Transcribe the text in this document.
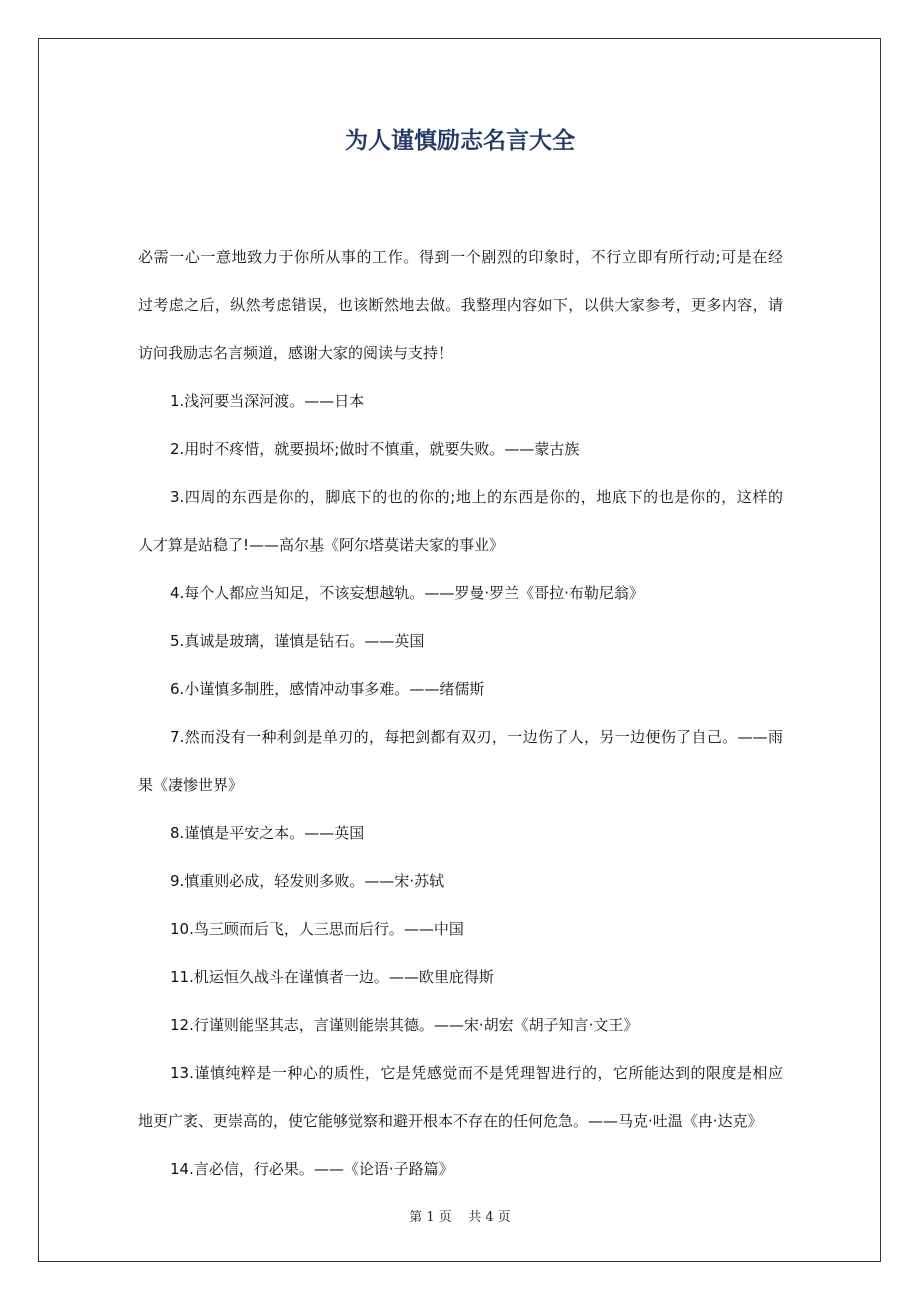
为人谨慎励志名言大全
必需一心一意地致力于你所从事的工作。得到一个剧烈的印象时，不行立即有所行动;可是在经
过考虑之后，纵然考虑错误，也该断然地去做。我整理内容如下，以供大家参考，更多内容，请
访问我励志名言频道，感谢大家的阅读与支持！
1.浅河要当深河渡。——日本
2.用时不疼惜，就要损坏;做时不慎重，就要失败。——蒙古族
3.四周的东西是你的，脚底下的也的你的;地上的东西是你的，地底下的也是你的，这样的
人才算是站稳了!——高尔基《阿尔塔莫诺夫家的事业》
4.每个人都应当知足，不该妄想越轨。——罗曼·罗兰《哥拉·布勒尼翁》
5.真诚是玻璃，谨慎是钻石。——英国
6.小谨慎多制胜，感情冲动事多难。——绪儒斯
7.然而没有一种利剑是单刃的，每把剑都有双刃，一边伤了人，另一边便伤了自己。——雨
果《凄惨世界》
8.谨慎是平安之本。——英国
9.慎重则必成，轻发则多败。——宋·苏轼
10.鸟三顾而后飞，人三思而后行。——中国
11.机运恒久战斗在谨慎者一边。——欧里庇得斯
12.行谨则能坚其志，言谨则能崇其德。——宋·胡宏《胡子知言·文王》
13.谨慎纯粹是一种心的质性，它是凭感觉而不是凭理智进行的，它所能达到的限度是相应
地更广袤、更崇高的，使它能够觉察和避开根本不存在的任何危急。——马克·吐温《冉·达克》
14.言必信，行必果。——《论语·子路篇》
第 1 页    共 4 页
